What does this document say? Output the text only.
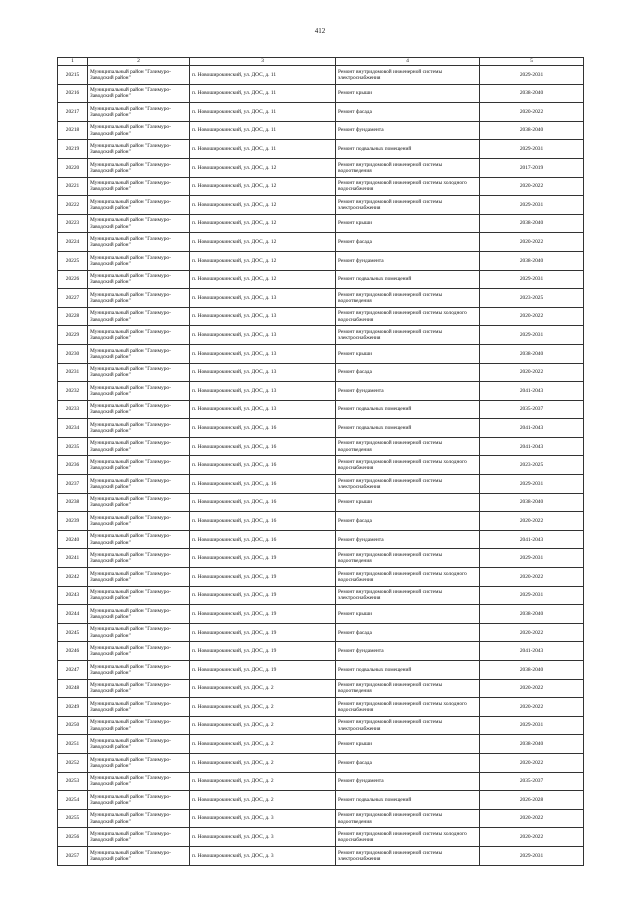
412
1	2	3	4	5
20215	Муниципальный район "Газимуро-Заводский район"	п. Новоширокинский, ул. ДОС, д. 11	Ремонт внутридомовой инженерной системы электроснабжения	2029-2031
20216	Муниципальный район "Газимуро-Заводский район"	п. Новоширокинский, ул. ДОС, д. 11	Ремонт крыши	2038-2040
20217	Муниципальный район "Газимуро-Заводский район"	п. Новоширокинский, ул. ДОС, д. 11	Ремонт фасада	2020-2022
20218	Муниципальный район "Газимуро-Заводский район"	п. Новоширокинский, ул. ДОС, д. 11	Ремонт фундамента	2038-2040
20219	Муниципальный район "Газимуро-Заводский район"	п. Новоширокинский, ул. ДОС, д. 11	Ремонт подвальных помещений	2029-2031
20220	Муниципальный район "Газимуро-Заводский район"	п. Новоширокинский, ул. ДОС, д. 12	Ремонт внутридомовой инженерной системы водоотведения	2017-2019
20221	Муниципальный район "Газимуро-Заводский район"	п. Новоширокинский, ул. ДОС, д. 12	Ремонт внутридомовой инженерной системы холодного водоснабжения	2020-2022
20222	Муниципальный район "Газимуро-Заводский район"	п. Новоширокинский, ул. ДОС, д. 12	Ремонт внутридомовой инженерной системы электроснабжения	2029-2031
20223	Муниципальный район "Газимуро-Заводский район"	п. Новоширокинский, ул. ДОС, д. 12	Ремонт крыши	2038-2040
20224	Муниципальный район "Газимуро-Заводский район"	п. Новоширокинский, ул. ДОС, д. 12	Ремонт фасада	2020-2022
20225	Муниципальный район "Газимуро-Заводский район"	п. Новоширокинский, ул. ДОС, д. 12	Ремонт фундамента	2038-2040
20226	Муниципальный район "Газимуро-Заводский район"	п. Новоширокинский, ул. ДОС, д. 12	Ремонт подвальных помещений	2029-2031
20227	Муниципальный район "Газимуро-Заводский район"	п. Новоширокинский, ул. ДОС, д. 13	Ремонт внутридомовой инженерной системы водоотведения	2023-2025
20228	Муниципальный район "Газимуро-Заводский район"	п. Новоширокинский, ул. ДОС, д. 13	Ремонт внутридомовой инженерной системы холодного водоснабжения	2020-2022
20229	Муниципальный район "Газимуро-Заводский район"	п. Новоширокинский, ул. ДОС, д. 13	Ремонт внутридомовой инженерной системы электроснабжения	2029-2031
20230	Муниципальный район "Газимуро-Заводский район"	п. Новоширокинский, ул. ДОС, д. 13	Ремонт крыши	2038-2040
20231	Муниципальный район "Газимуро-Заводский район"	п. Новоширокинский, ул. ДОС, д. 13	Ремонт фасада	2020-2022
20232	Муниципальный район "Газимуро-Заводский район"	п. Новоширокинский, ул. ДОС, д. 13	Ремонт фундамента	2041-2043
20233	Муниципальный район "Газимуро-Заводский район"	п. Новоширокинский, ул. ДОС, д. 13	Ремонт подвальных помещений	2035-2037
20234	Муниципальный район "Газимуро-Заводский район"	п. Новоширокинский, ул. ДОС, д. 16	Ремонт подвальных помещений	2041-2043
20235	Муниципальный район "Газимуро-Заводский район"	п. Новоширокинский, ул. ДОС, д. 16	Ремонт внутридомовой инженерной системы водоотведения	2041-2043
20236	Муниципальный район "Газимуро-Заводский район"	п. Новоширокинский, ул. ДОС, д. 16	Ремонт внутридомовой инженерной системы холодного водоснабжения	2023-2025
20237	Муниципальный район "Газимуро-Заводский район"	п. Новоширокинский, ул. ДОС, д. 16	Ремонт внутридомовой инженерной системы электроснабжения	2029-2031
20238	Муниципальный район "Газимуро-Заводский район"	п. Новоширокинский, ул. ДОС, д. 16	Ремонт крыши	2038-2040
20239	Муниципальный район "Газимуро-Заводский район"	п. Новоширокинский, ул. ДОС, д. 16	Ремонт фасада	2020-2022
20240	Муниципальный район "Газимуро-Заводский район"	п. Новоширокинский, ул. ДОС, д. 16	Ремонт фундамента	2041-2043
20241	Муниципальный район "Газимуро-Заводский район"	п. Новоширокинский, ул. ДОС, д. 19	Ремонт внутридомовой инженерной системы водоотведения	2029-2031
20242	Муниципальный район "Газимуро-Заводский район"	п. Новоширокинский, ул. ДОС, д. 19	Ремонт внутридомовой инженерной системы холодного водоснабжения	2020-2022
20243	Муниципальный район "Газимуро-Заводский район"	п. Новоширокинский, ул. ДОС, д. 19	Ремонт внутридомовой инженерной системы электроснабжения	2029-2031
20244	Муниципальный район "Газимуро-Заводский район"	п. Новоширокинский, ул. ДОС, д. 19	Ремонт крыши	2038-2040
20245	Муниципальный район "Газимуро-Заводский район"	п. Новоширокинский, ул. ДОС, д. 19	Ремонт фасада	2020-2022
20246	Муниципальный район "Газимуро-Заводский район"	п. Новоширокинский, ул. ДОС, д. 19	Ремонт фундамента	2041-2043
20247	Муниципальный район "Газимуро-Заводский район"	п. Новоширокинский, ул. ДОС, д. 19	Ремонт подвальных помещений	2038-2040
20248	Муниципальный район "Газимуро-Заводский район"	п. Новоширокинский, ул. ДОС, д. 2	Ремонт внутридомовой инженерной системы водоотведения	2020-2022
20249	Муниципальный район "Газимуро-Заводский район"	п. Новоширокинский, ул. ДОС, д. 2	Ремонт внутридомовой инженерной системы холодного водоснабжения	2020-2022
20250	Муниципальный район "Газимуро-Заводский район"	п. Новоширокинский, ул. ДОС, д. 2	Ремонт внутридомовой инженерной системы электроснабжения	2029-2031
20251	Муниципальный район "Газимуро-Заводский район"	п. Новоширокинский, ул. ДОС, д. 2	Ремонт крыши	2038-2040
20252	Муниципальный район "Газимуро-Заводский район"	п. Новоширокинский, ул. ДОС, д. 2	Ремонт фасада	2020-2022
20253	Муниципальный район "Газимуро-Заводский район"	п. Новоширокинский, ул. ДОС, д. 2	Ремонт фундамента	2035-2037
20254	Муниципальный район "Газимуро-Заводский район"	п. Новоширокинский, ул. ДОС, д. 2	Ремонт подвальных помещений	2026-2028
20255	Муниципальный район "Газимуро-Заводский район"	п. Новоширокинский, ул. ДОС, д. 3	Ремонт внутридомовой инженерной системы водоотведения	2020-2022
20256	Муниципальный район "Газимуро-Заводский район"	п. Новоширокинский, ул. ДОС, д. 3	Ремонт внутридомовой инженерной системы холодного водоснабжения	2020-2022
20257	Муниципальный район "Газимуро-Заводский район"	п. Новоширокинский, ул. ДОС, д. 3	Ремонт внутридомовой инженерной системы электроснабжения	2029-2031
